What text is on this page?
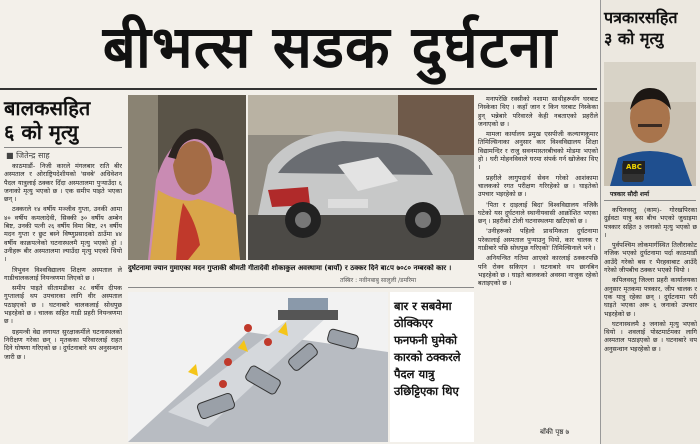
बीभत्स सडक दुर्घटना
बालकसहित
६ को मृत्यु
■ जितेन्द्र साह

काठमाडौं- निजी कारले मंगलबार राति बीर अस्पताल र ओराष्ट्रियदेशीयको 'सवबे' अधिवेशन पैदल यात्रुलाई ठक्कर दिँदा अस्पतालमा पुऱ्याउँदा ६ जनाको मृत्यु भएको छ । एक समीप पाइते भएका छन् ।

ठक्करले १४ वर्षीय मञ्जीव गुप्ता, उनकी आमा ४० वर्षीय कमलादेवी, सिक्की ३० वर्षीय अम्बेन बिष्ट, उनकी पत्नी २६ वर्षीय विमा बिष्ट, २९ वर्षीय मदन गुप्ता र छुट बस्ने विष्णुप्रसादको ठाउँमा ४४ वर्षीय काक्रपत्नेको घटनास्थलमै मृत्यु भएको हो । उनीहरू बीर अस्पतालमा ल्याउँदा मृत्यु भएको थियो ।

त्रिभुवन विश्वविद्यालय शिक्षण अस्पताल ले गाडीचालकलाई नियन्त्रणमा लिएको छ ।

समीप पाइते सीतामढीका २८ वर्षीय दीपक गुप्तालाई थप उपचारका लागि वीर अस्पताल पठाइएको छ । घटनाबारे चालकलाई सोधपुछ भइरहेको छ । चालक सहित गाडी प्रहरी नियन्त्रणमा छ ।

ग्रहमन्त्री वेद्य लगायत सुरक्षाकर्मीले घटनास्थलको निरीक्षण गरेका छन् । मृतकका परिवारलाई राहत दिने घोषणा गरिएको छ । दुर्घटनाबारे थप अनुसन्धान जारी छ ।

दुर्घटनामा ज्यान गुमाएका मदन गुप्ताकी श्रीमती गीतादेवी शोकाकुल अवस्थामा (बायाँ) र ठक्कर दिने बा८प ७०८० नम्बरको कार ।
तस्बिर : नवीनबाबु सालुली /डमरिमा
बार र सबवेमा
ठोक्किएर
फनफनी घुमेको
कारको ठक्करले
पैदल यात्रु
उछिट्टिएका थिए

मनापरेछि रक्सीको नशामा साथीहरूसँग घरबाट निस्केका थिए । कहाँ जान र किन घरबाट निस्केका हुन् भन्नेबारे परिवारले केही नबताएको प्रहरीले जनाएको छ ।

मामला कार्यालय प्रमुख एसपीजी कल्याणकुमार तिमिल्सिनाका अनुसार कार विश्वविद्यालय शिक्षा विद्यामन्दिर र राजु सवनमास्तरबीचको मोडमा भएको हो । घरी मोहनविवाले घरमा संपर्क गर्न खोजेका थिए ।

प्रहरीले लागुपदार्थ सेवन गरेको आशंकामा चालकको रगत परीक्षण गरिरहेको छ । घाइतेको उपचार भइरहेको छ ।

'पिता र दाइलाई बिदा' विश्वविद्यालय नजिकै घटेको यस दुर्घटनाले स्थानीयवासी आक्रोशित भएका छन् । प्रहरीको टोली घटनास्थलमा खटिएको छ ।

'उनीहरूको पहिलो प्राथमिकता दुर्घटनामा परेकालाई अस्पताल पुऱ्याउनु थियो, कार चालक र गाडीबारे पछि सोधपुछ गरिएको' तिमिल्सिनाले भने ।

अनियन्त्रित गतिमा आएको कारलाई ठक्करपछि पनि रोक्न सकिएन । घटनाबारे थप छानबिन भइरहेको छ । घाइते बालकको अवस्था नाजुक रहेको बताइएको छ ।

बाँकी पृष्ठ ७
पत्रकारसहित
३ को मृत्यु
ABC
पत्रकार सौदी शर्मा

कपिलवस्तु (काम)- गोरखपिरका दुईवटा यात्रु बस बीच भएको जुधाइमा पत्रकार सहित ३ जनाको मृत्यु भएको छ ।

पुर्वपश्चिम लोकमार्गस्थित तिलौराकोट नजिक भएको दुर्घटनामा पर्दा काठमाडौं आउँदै गरेको बस र भैरहवाबाट आउँदै गरेको जीपबीच ठक्कर भएको थियो ।

कपिलवस्तु जिल्ला प्रहरी कार्यालयका अनुसार मृतकमा पत्रकार, जीप चालक र एक यात्रु रहेका छन् । दुर्घटनामा परी घाइते भएका अरू ६ जनाको उपचार भइरहेको छ ।

घटनास्थलमै ३ जनाको मृत्यु भएको थियो । शवलाई पोस्टमार्टमका लागि अस्पताल पठाइएको छ । घटनाबारे थप अनुसन्धान भइरहेको छ ।
